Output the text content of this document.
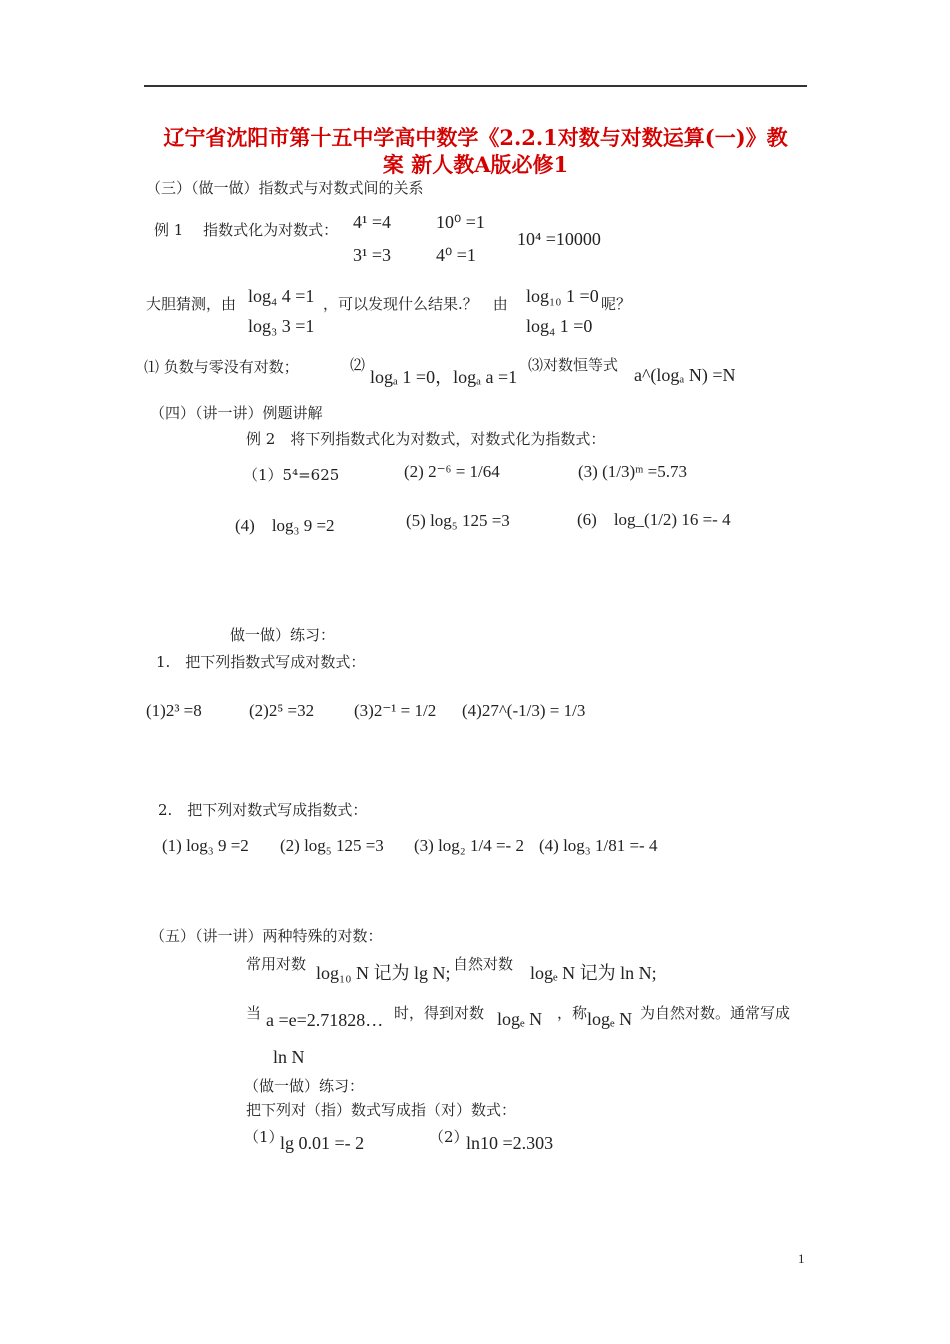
辽宁省沈阳市第十五中学高中数学《2.2.1对数与对数运算(一)》教
案 新人教A版必修1
（三）（做一做）指数式与对数式间的关系
例 1　 指数式化为对数式： 4¹ =4 10⁰ =1
3¹ =3 4⁰ =1
10⁴ =10000
大胆猜测，由 log₄ 4 =1
log₃ 3 =1
，可以发现什么结果.？　由 log₁₀ 1 =0
log₄ 1 =0
呢？
⑴ 负数与零没有对数；	⑵
logₐ 1 =0，logₐ a =1
⑶对数恒等式 a^(logₐ N) =N
（四）（讲一讲）例题讲解
例 2　将下列指数式化为对数式，对数式化为指数式：
（1）5⁴=625	(2) 2⁻⁶ = 1/64	(3) (1/3)ᵐ =5.73
(4)　log₃ 9 =2	(5) log₅ 125 =3	(6)　log_(1/2) 16 =- 4
做一做）练习：
1.　把下列指数式写成对数式：
(1)2³ =8	(2)2⁵ =32 (3)2⁻¹ = 1/2 (4)27^(-1/3) = 1/3
2.　把下列对数式写成指数式：
(1) log₃ 9 =2 (2) log₅ 125 =3 (3) log₂ 1/4 =- 2 (4) log₃ 1/81 =- 4
（五）（讲一讲）两种特殊的对数：
常用对数 log₁₀ N 记为 lg N; 自然对数 logₑ N 记为 ln N;
当 a =e=2.71828… 时，得到对数 logₑ N ，称 logₑ N 为自然对数。通常写成
ln N
（做一做）练习：
把下列对（指）数式写成指（对）数式：
（1）
lg 0.01 =- 2	（2）
ln10 =2.303
1
